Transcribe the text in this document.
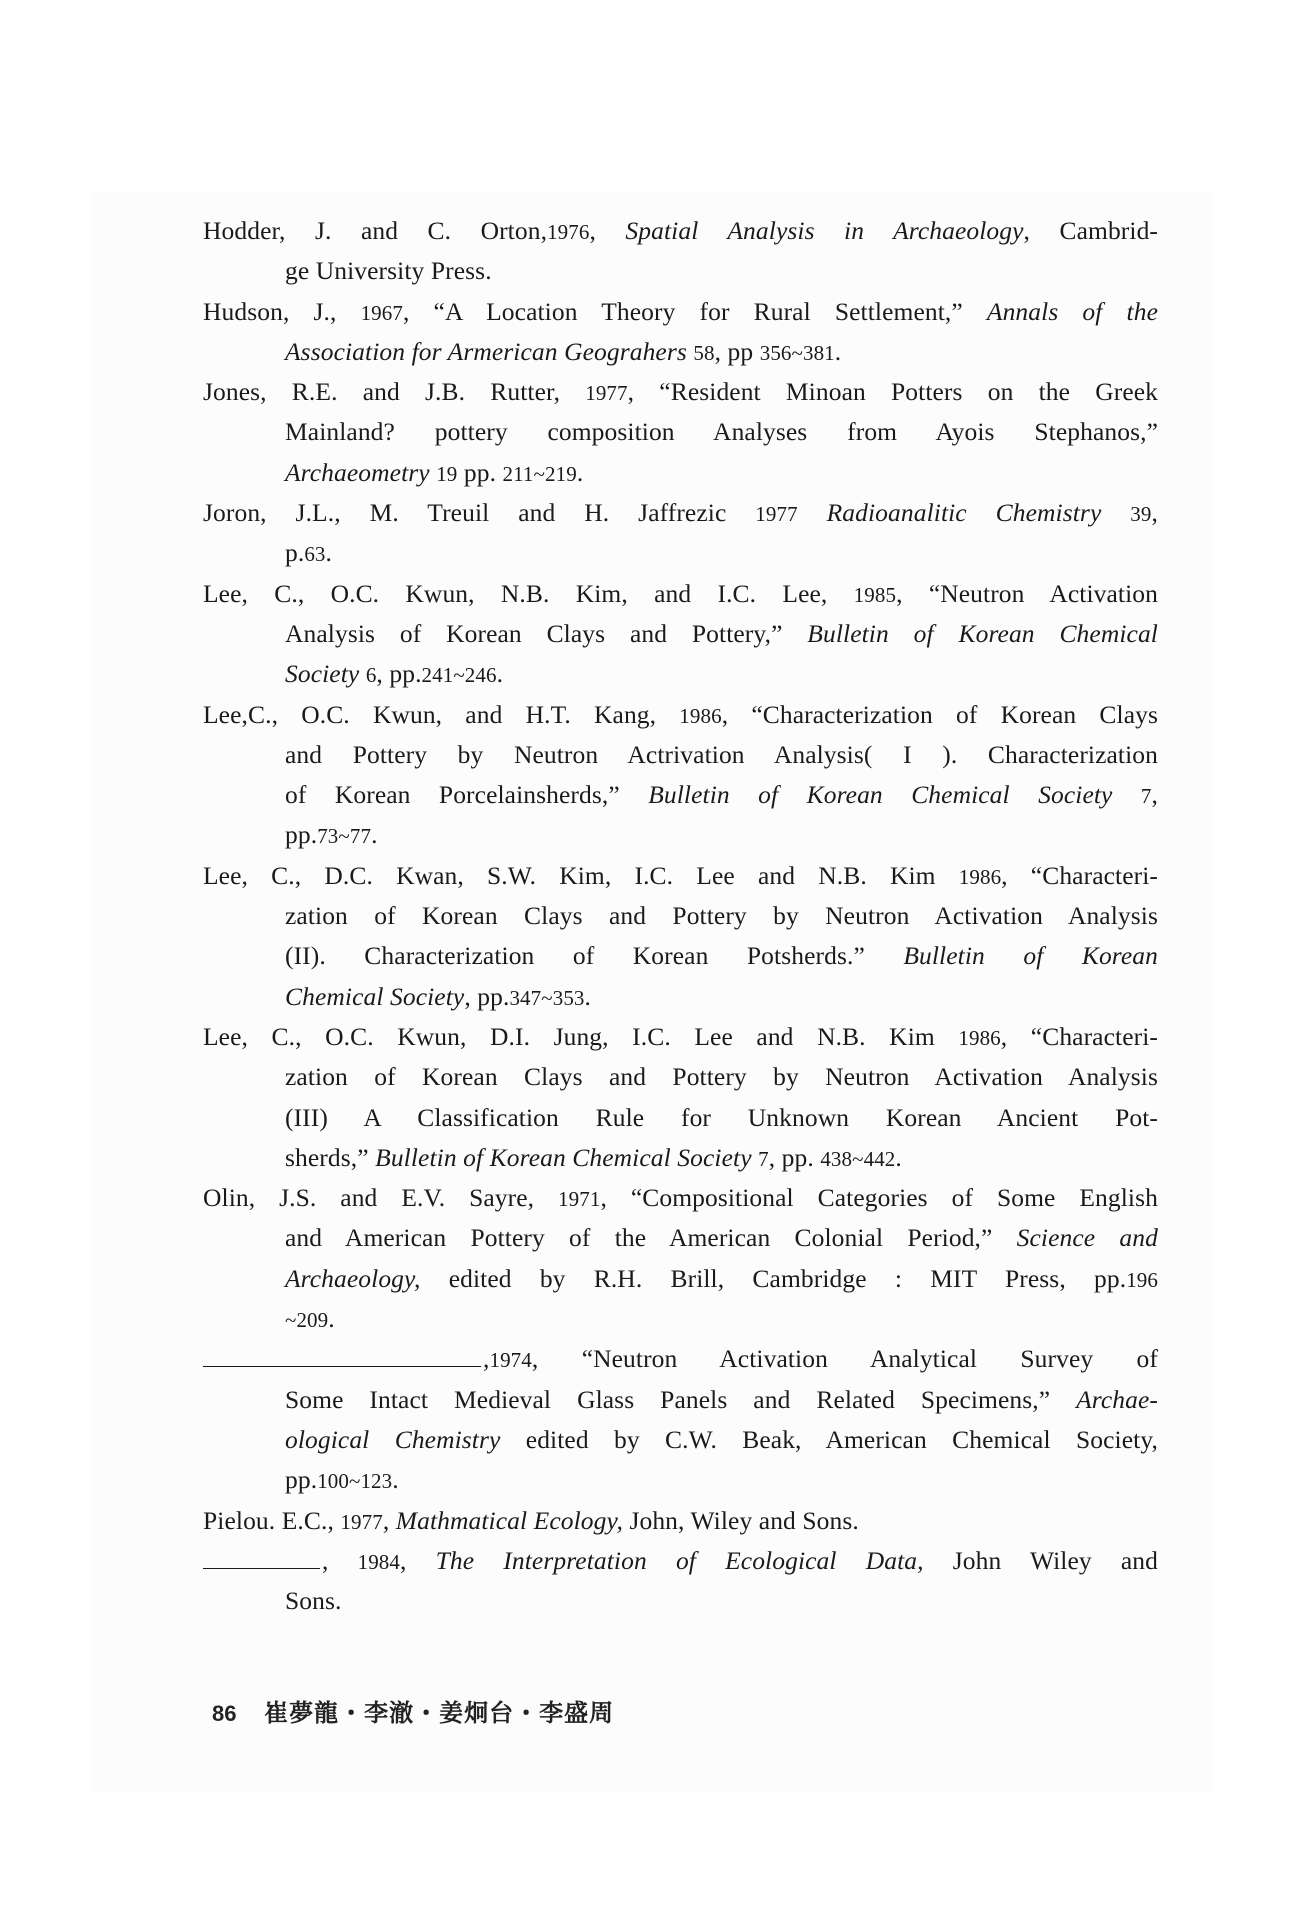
Hodder, J. and C. Orton,1976, Spatial Analysis in Archaeology, Cambrid-
ge University Press.
Hudson, J., 1967, “A Location Theory for Rural Settlement,” Annals of the
Association for Armerican Geograhers 58, pp 356~381.
Jones, R.E. and J.B. Rutter, 1977, “Resident Minoan Potters on the Greek
Mainland? pottery composition Analyses from Ayois Stephanos,”
Archaeometry 19 pp. 211~219.
Joron, J.L., M. Treuil and H. Jaffrezic 1977 Radioanalitic Chemistry 39,
p.63.
Lee, C., O.C. Kwun, N.B. Kim, and I.C. Lee, 1985, “Neutron Activation
Analysis of Korean Clays and Pottery,” Bulletin of Korean Chemical
Society 6, pp.241~246.
Lee,C., O.C. Kwun, and H.T. Kang, 1986, “Characterization of Korean Clays
and Pottery by Neutron Actrivation Analysis( I ). Characterization
of Korean Porcelainsherds,” Bulletin of Korean Chemical Society 7,
pp.73~77.
Lee, C., D.C. Kwan, S.W. Kim, I.C. Lee and N.B. Kim 1986, “Characteri-
zation of Korean Clays and Pottery by Neutron Activation Analysis
(II). Characterization of Korean Potsherds.” Bulletin of Korean
Chemical Society, pp.347~353.
Lee, C., O.C. Kwun, D.I. Jung, I.C. Lee and N.B. Kim 1986, “Characteri-
zation of Korean Clays and Pottery by Neutron Activation Analysis
(III) A Classification Rule for Unknown Korean Ancient Pot-
sherds,” Bulletin of Korean Chemical Society 7, pp. 438~442.
Olin, J.S. and E.V. Sayre, 1971, “Compositional Categories of Some English
and American Pottery of the American Colonial Period,” Science and
Archaeology, edited by R.H. Brill, Cambridge : MIT Press, pp.196
~209.
,1974, “Neutron Activation Analytical Survey of
Some Intact Medieval Glass Panels and Related Specimens,” Archae-
ological Chemistry edited by C.W. Beak, American Chemical Society,
pp.100~123.
Pielou. E.C., 1977, Mathmatical Ecology, John, Wiley and Sons.
, 1984, The Interpretation of Ecological Data, John Wiley and
Sons.
86 崔夢龍・李澈・姜炯台・李盛周
